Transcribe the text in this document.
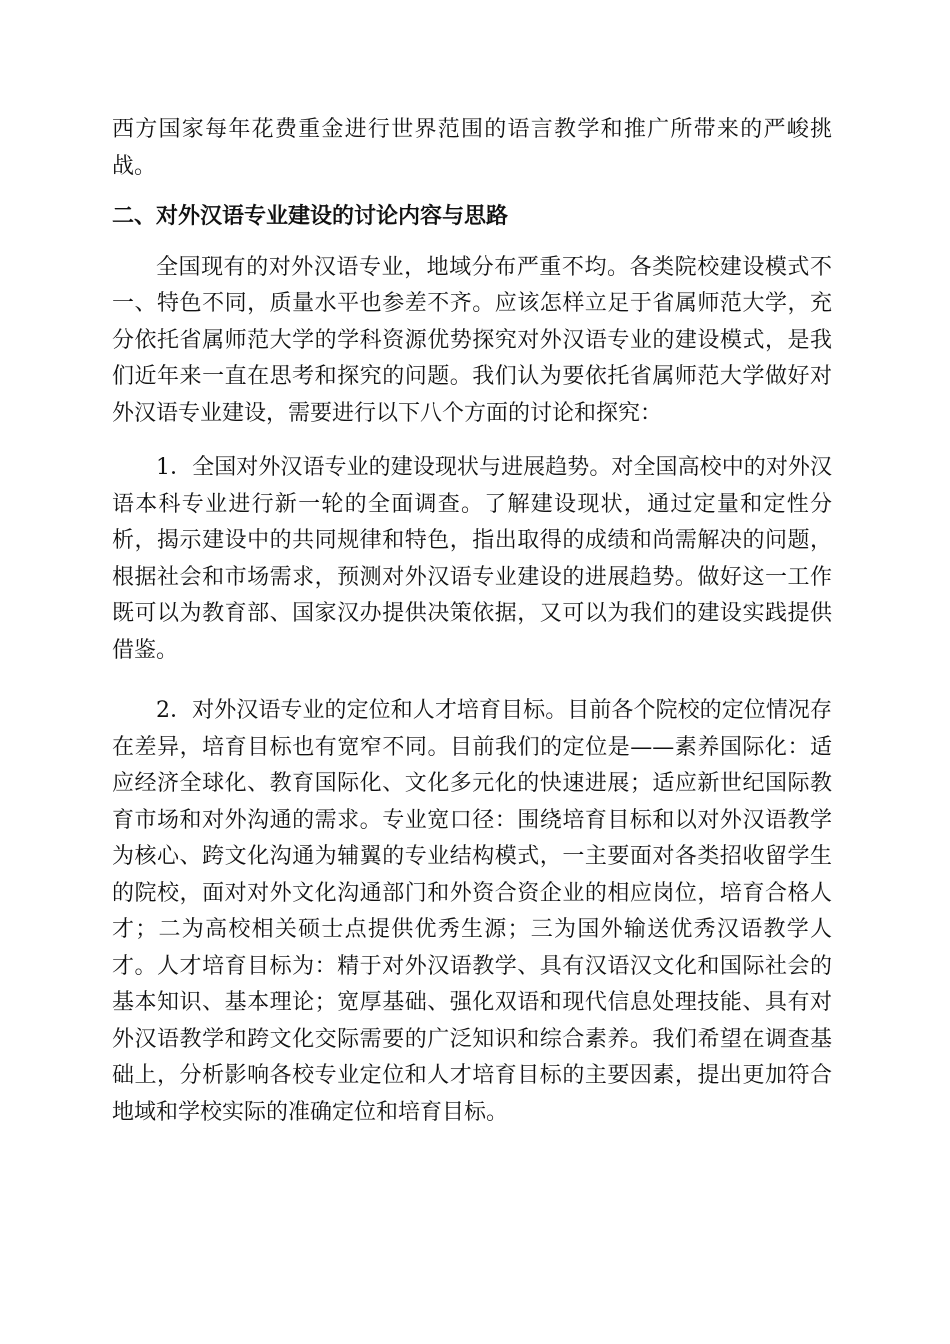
西方国家每年花费重金进行世界范围的语言教学和推广所带来的严峻挑战。

二、对外汉语专业建设的讨论内容与思路

全国现有的对外汉语专业，地域分布严重不均。各类院校建设模式不一、特色不同，质量水平也参差不齐。应该怎样立足于省属师范大学，充分依托省属师范大学的学科资源优势探究对外汉语专业的建设模式，是我们近年来一直在思考和探究的问题。我们认为要依托省属师范大学做好对外汉语专业建设，需要进行以下八个方面的讨论和探究：

1．全国对外汉语专业的建设现状与进展趋势。对全国高校中的对外汉语本科专业进行新一轮的全面调查。了解建设现状，通过定量和定性分析，揭示建设中的共同规律和特色，指出取得的成绩和尚需解决的问题，根据社会和市场需求，预测对外汉语专业建设的进展趋势。做好这一工作既可以为教育部、国家汉办提供决策依据，又可以为我们的建设实践提供借鉴。

2．对外汉语专业的定位和人才培育目标。目前各个院校的定位情况存在差异，培育目标也有宽窄不同。目前我们的定位是——素养国际化：适应经济全球化、教育国际化、文化多元化的快速进展；适应新世纪国际教育市场和对外沟通的需求。专业宽口径：围绕培育目标和以对外汉语教学为核心、跨文化沟通为辅翼的专业结构模式，一主要面对各类招收留学生的院校，面对对外文化沟通部门和外资合资企业的相应岗位，培育合格人才；二为高校相关硕士点提供优秀生源；三为国外输送优秀汉语教学人才。人才培育目标为：精于对外汉语教学、具有汉语汉文化和国际社会的基本知识、基本理论；宽厚基础、强化双语和现代信息处理技能、具有对外汉语教学和跨文化交际需要的广泛知识和综合素养。我们希望在调查基础上，分析影响各校专业定位和人才培育目标的主要因素，提出更加符合地域和学校实际的准确定位和培育目标。
